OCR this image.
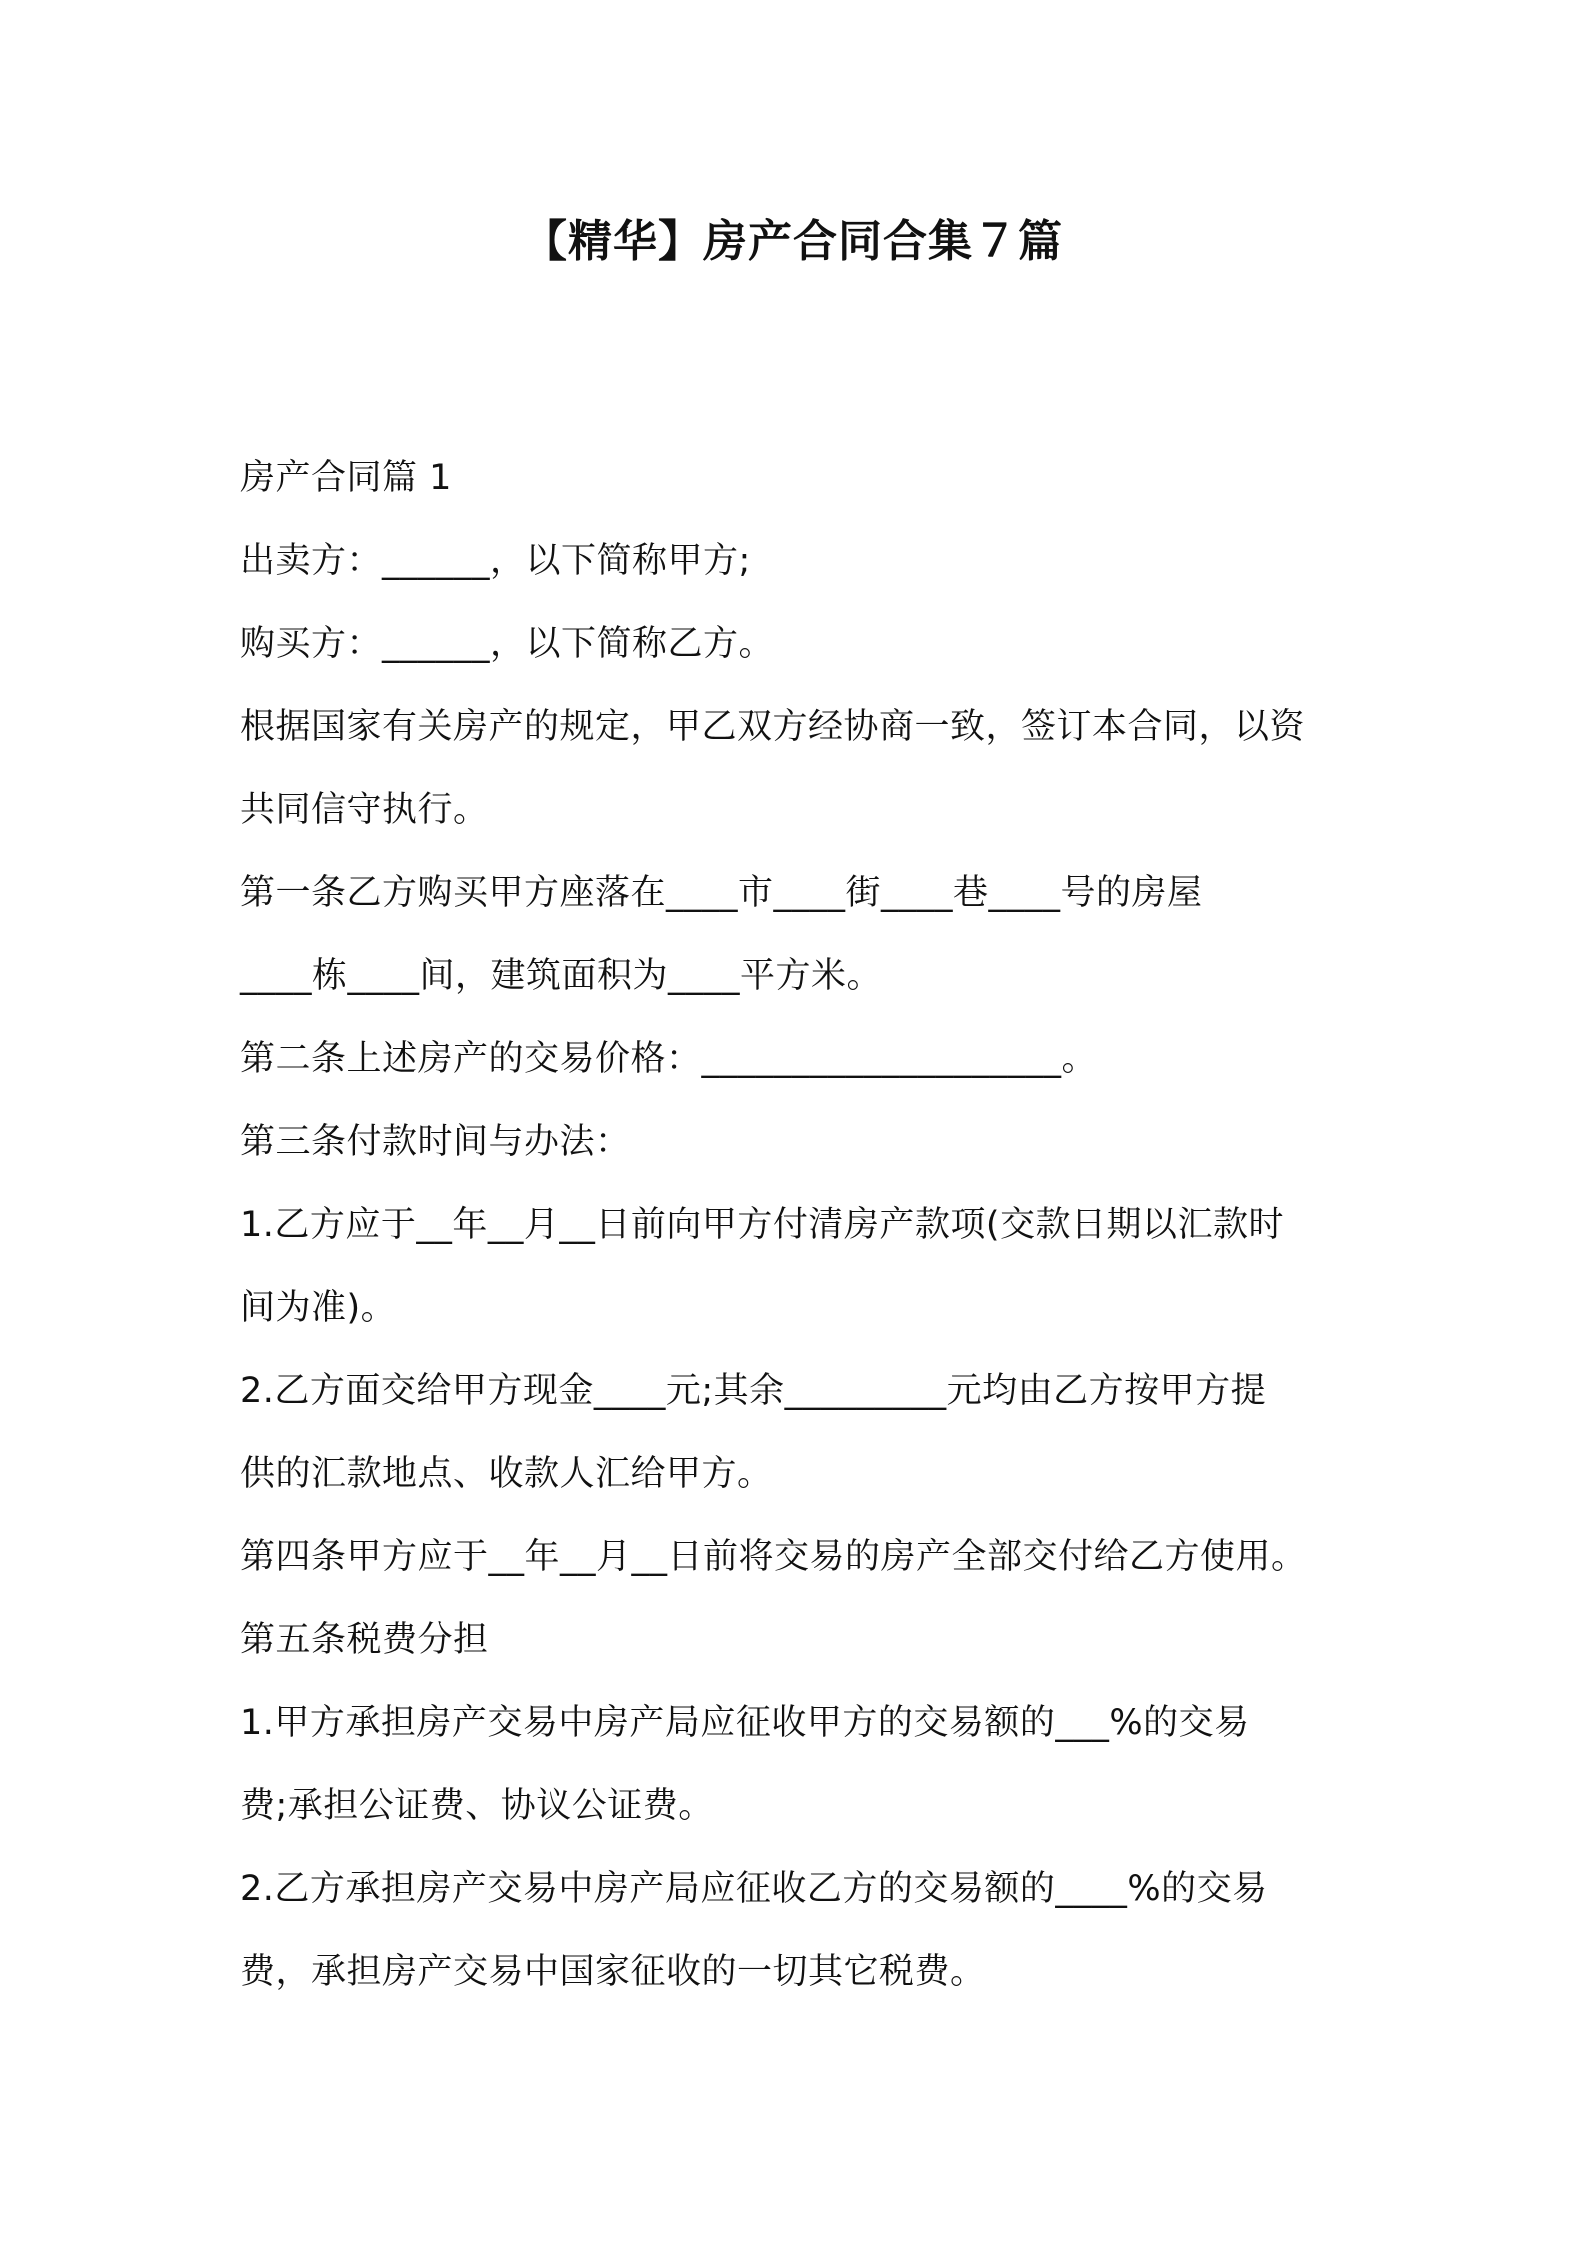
【精华】房产合同合集７篇
房产合同篇 1
出卖方：______，以下简称甲方;
购买方：______，以下简称乙方。
根据国家有关房产的规定，甲乙双方经协商一致，签订本合同，以资
共同信守执行。
第一条乙方购买甲方座落在____市____街____巷____号的房屋
____栋____间，建筑面积为____平方米。
第二条上述房产的交易价格：____________________。
第三条付款时间与办法：
1.乙方应于__年__月__日前向甲方付清房产款项(交款日期以汇款时
间为准)。
2.乙方面交给甲方现金____元;其余_________元均由乙方按甲方提
供的汇款地点、收款人汇给甲方。
第四条甲方应于__年__月__日前将交易的房产全部交付给乙方使用。
第五条税费分担
1.甲方承担房产交易中房产局应征收甲方的交易额的___%的交易
费;承担公证费、协议公证费。
2.乙方承担房产交易中房产局应征收乙方的交易额的____%的交易
费，承担房产交易中国家征收的一切其它税费。
